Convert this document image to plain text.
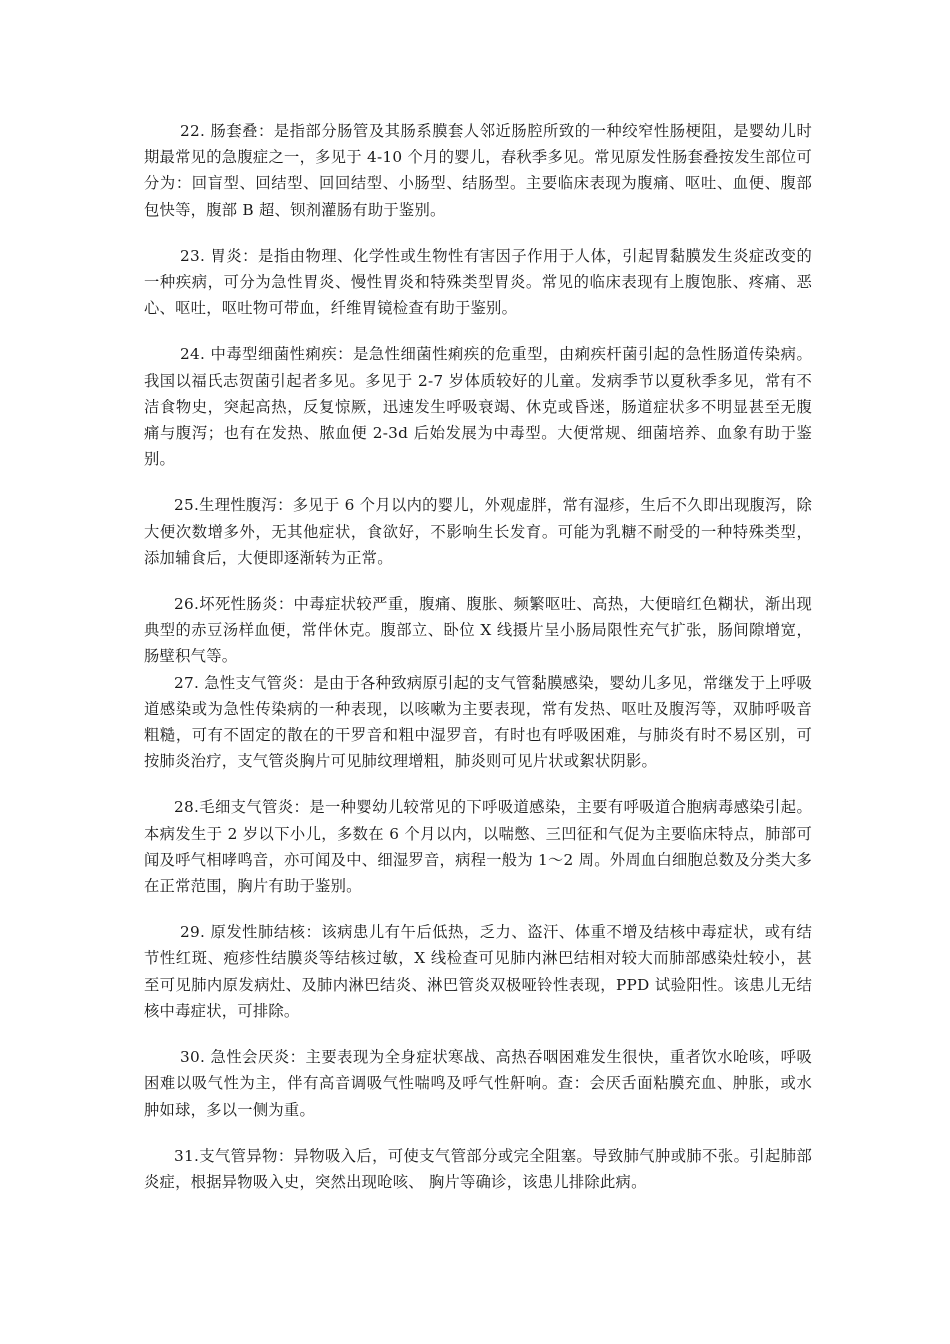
22. 肠套叠：是指部分肠管及其肠系膜套人邻近肠腔所致的一种绞窄性肠梗阻，是婴幼儿时期最常见的急腹症之一，多见于 4-10 个月的婴儿，春秋季多见。常见原发性肠套叠按发生部位可分为：回盲型、回结型、回回结型、小肠型、结肠型。主要临床表现为腹痛、呕吐、血便、腹部包快等，腹部 B 超、钡剂灌肠有助于鉴别。

23. 胃炎：是指由物理、化学性或生物性有害因子作用于人体，引起胃黏膜发生炎症改变的一种疾病，可分为急性胃炎、慢性胃炎和特殊类型胃炎。常见的临床表现有上腹饱胀、疼痛、恶心、呕吐，呕吐物可带血，纤维胃镜检查有助于鉴别。

24. 中毒型细菌性痢疾：是急性细菌性痢疾的危重型，由痢疾杆菌引起的急性肠道传染病。我国以福氏志贺菌引起者多见。多见于 2-7 岁体质较好的儿童。发病季节以夏秋季多见，常有不洁食物史，突起高热，反复惊厥，迅速发生呼吸衰竭、休克或昏迷，肠道症状多不明显甚至无腹痛与腹泻；也有在发热、脓血便 2-3d 后始发展为中毒型。大便常规、细菌培养、血象有助于鉴别。

25.生理性腹泻：多见于 6 个月以内的婴儿，外观虚胖，常有湿疹，生后不久即出现腹泻，除大便次数增多外，无其他症状，食欲好，不影响生长发育。可能为乳糖不耐受的一种特殊类型，添加辅食后，大便即逐渐转为正常。

26.坏死性肠炎：中毒症状较严重，腹痛、腹胀、频繁呕吐、高热，大便暗红色糊状，渐出现典型的赤豆汤样血便，常伴休克。腹部立、卧位 X 线摄片呈小肠局限性充气扩张，肠间隙增宽，肠壁积气等。

27. 急性支气管炎：是由于各种致病原引起的支气管黏膜感染，婴幼儿多见，常继发于上呼吸道感染或为急性传染病的一种表现，以咳嗽为主要表现，常有发热、呕吐及腹泻等，双肺呼吸音粗糙，可有不固定的散在的干罗音和粗中湿罗音，有时也有呼吸困难，与肺炎有时不易区别，可按肺炎治疗，支气管炎胸片可见肺纹理增粗，肺炎则可见片状或絮状阴影。

28.毛细支气管炎：是一种婴幼儿较常见的下呼吸道感染，主要有呼吸道合胞病毒感染引起。本病发生于 2 岁以下小儿，多数在 6 个月以内，以喘憋、三凹征和气促为主要临床特点，肺部可闻及呼气相哮鸣音，亦可闻及中、细湿罗音，病程一般为 1～2 周。外周血白细胞总数及分类大多在正常范围，胸片有助于鉴别。

29. 原发性肺结核：该病患儿有午后低热，乏力、盗汗、体重不增及结核中毒症状，或有结节性红斑、疱疹性结膜炎等结核过敏，X 线检查可见肺内淋巴结相对较大而肺部感染灶较小，甚至可见肺内原发病灶、及肺内淋巴结炎、淋巴管炎双极哑铃性表现，PPD 试验阳性。该患儿无结核中毒症状，可排除。

30. 急性会厌炎：主要表现为全身症状寒战、高热吞咽困难发生很快，重者饮水呛咳，呼吸困难以吸气性为主，伴有高音调吸气性喘鸣及呼气性鼾响。查：会厌舌面粘膜充血、肿胀，或水肿如球，多以一侧为重。

31.支气管异物：异物吸入后，可使支气管部分或完全阻塞。导致肺气肿或肺不张。引起肺部炎症，根据异物吸入史，突然出现呛咳、 胸片等确诊，该患儿排除此病。
